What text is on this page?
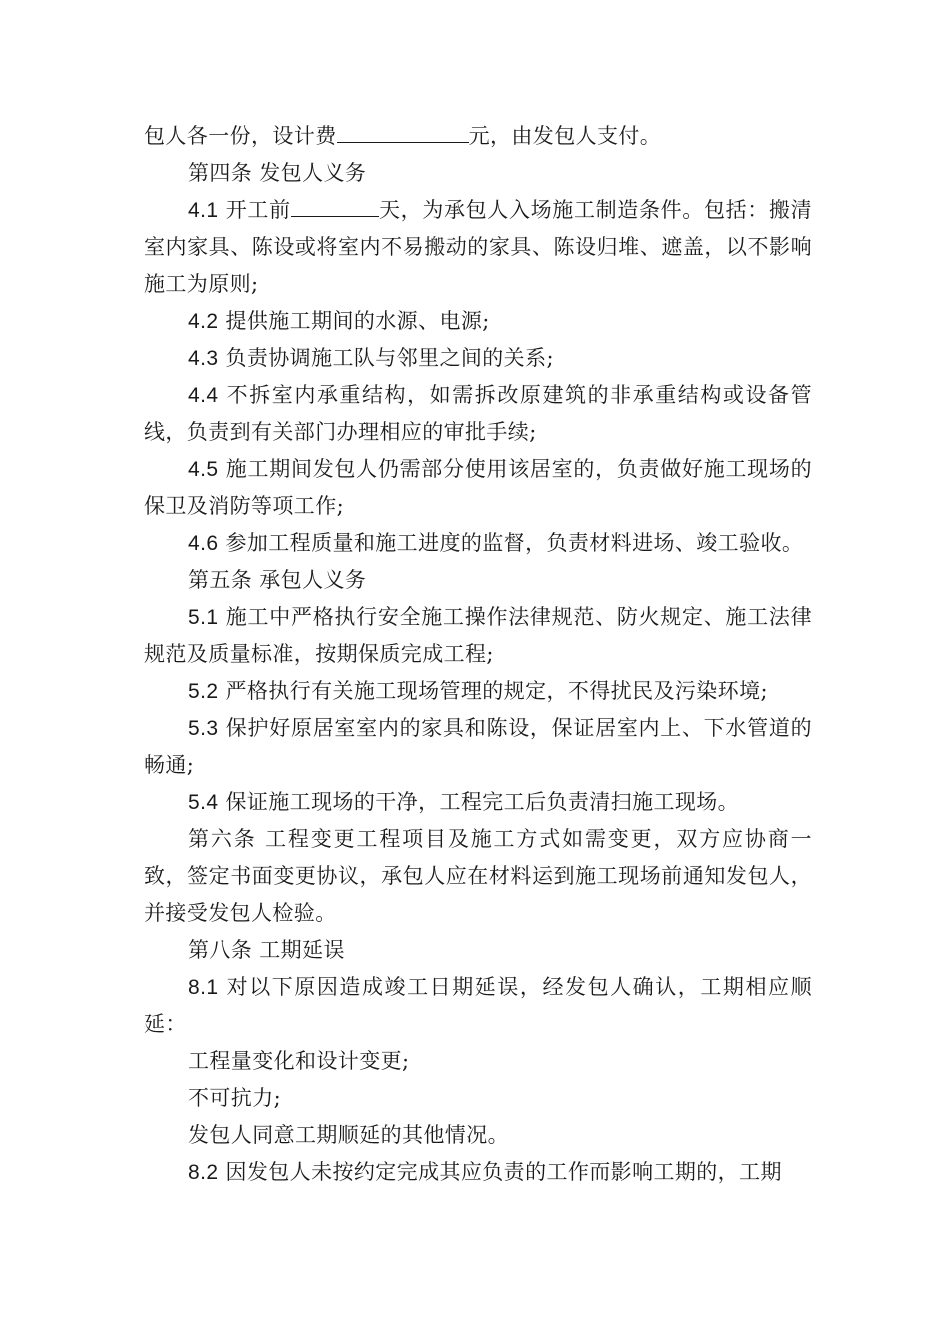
包人各一份，设计费	元，由发包人支付。

第四条 发包人义务

4.1 开工前	天，为承包人入场施工制造条件。包括：搬清室内家具、陈设或将室内不易搬动的家具、陈设归堆、遮盖，以不影响施工为原则;

4.2 提供施工期间的水源、电源;

4.3 负责协调施工队与邻里之间的关系;

4.4 不拆室内承重结构，如需拆改原建筑的非承重结构或设备管线，负责到有关部门办理相应的审批手续;

4.5 施工期间发包人仍需部分使用该居室的，负责做好施工现场的保卫及消防等项工作;

4.6 参加工程质量和施工进度的监督，负责材料进场、竣工验收。

第五条 承包人义务

5.1 施工中严格执行安全施工操作法律规范、防火规定、施工法律规范及质量标准，按期保质完成工程;

5.2 严格执行有关施工现场管理的规定，不得扰民及污染环境;

5.3 保护好原居室室内的家具和陈设，保证居室内上、下水管道的畅通;

5.4 保证施工现场的干净，工程完工后负责清扫施工现场。

第六条 工程变更工程项目及施工方式如需变更，双方应协商一致，签定书面变更协议，承包人应在材料运到施工现场前通知发包人，并接受发包人检验。

第八条 工期延误

8.1 对以下原因造成竣工日期延误，经发包人确认，工期相应顺延：

工程量变化和设计变更;

不可抗力;

发包人同意工期顺延的其他情况。

8.2 因发包人未按约定完成其应负责的工作而影响工期的，工期
